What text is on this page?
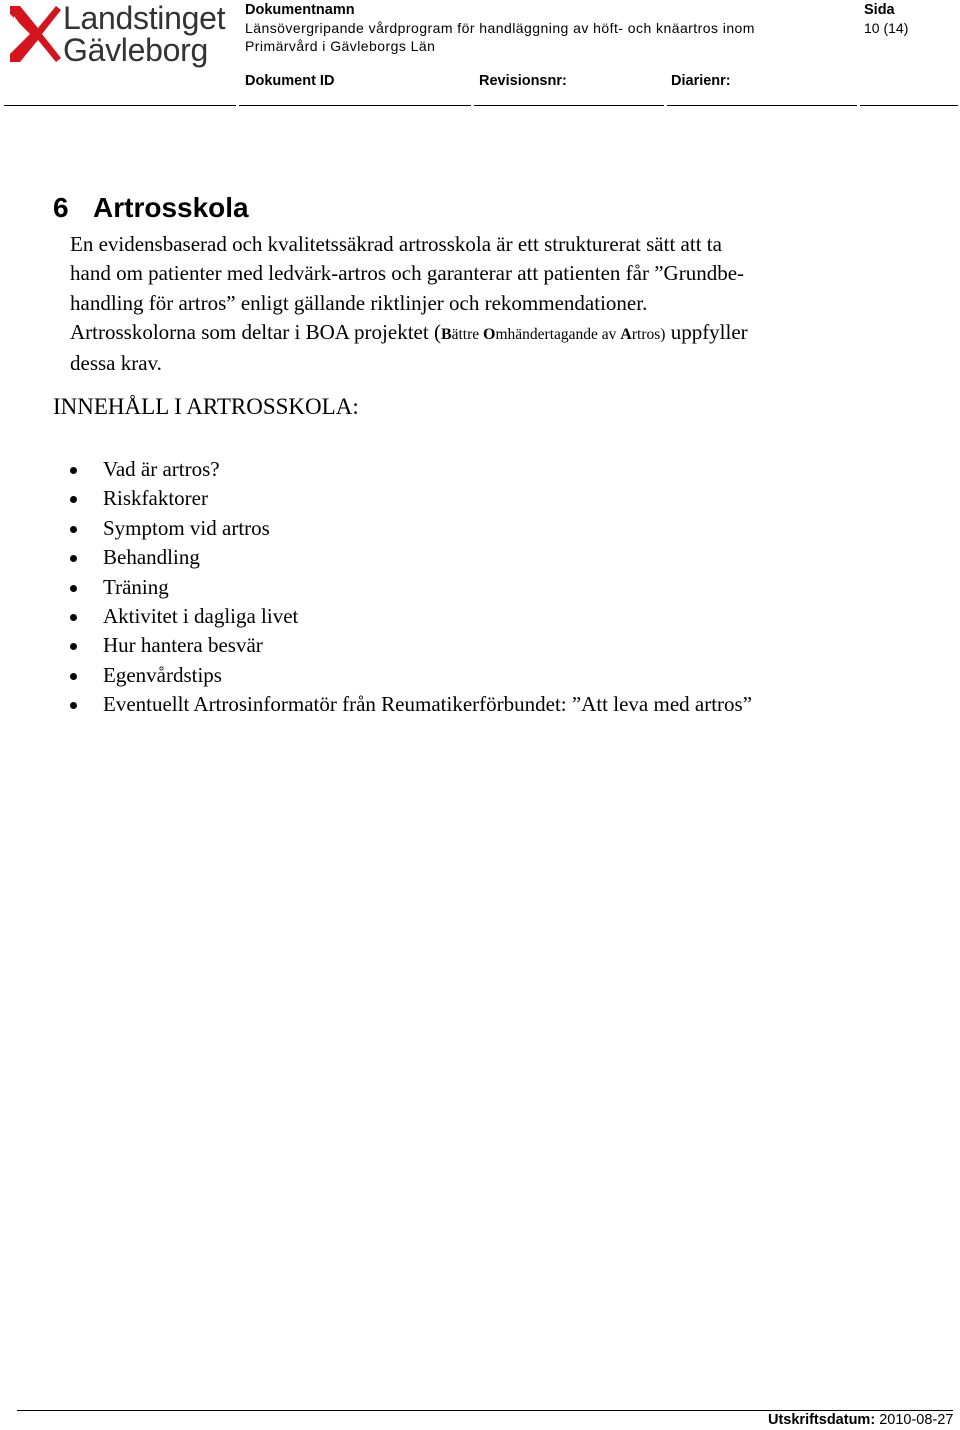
Landstinget
Gävleborg
Dokumentnamn
Länsövergripande vårdprogram för handläggning av höft- och knäartros inom
Primärvård i Gävleborgs Län
Sida
10 (14)
Dokument ID	Revisionsnr:	Diarienr:
6 Artrosskola
En evidensbaserad och kvalitetssäkrad artrosskola är ett strukturerat sätt att ta
hand om patienter med ledvärk-artros och garanterar att patienten får ”Grundbe-
handling för artros” enligt gällande riktlinjer och rekommendationer.
Artrosskolorna som deltar i BOA projektet (Bättre Omhändertagande av Artros) uppfyller
dessa krav.
INNEHÅLL I ARTROSSKOLA:
Vad är artros?
Riskfaktorer
Symptom vid artros
Behandling
Träning
Aktivitet i dagliga livet
Hur hantera besvär
Egenvårdstips
Eventuellt Artrosinformatör från Reumatikerförbundet: ”Att leva med artros”
Utskriftsdatum: 2010-08-27
